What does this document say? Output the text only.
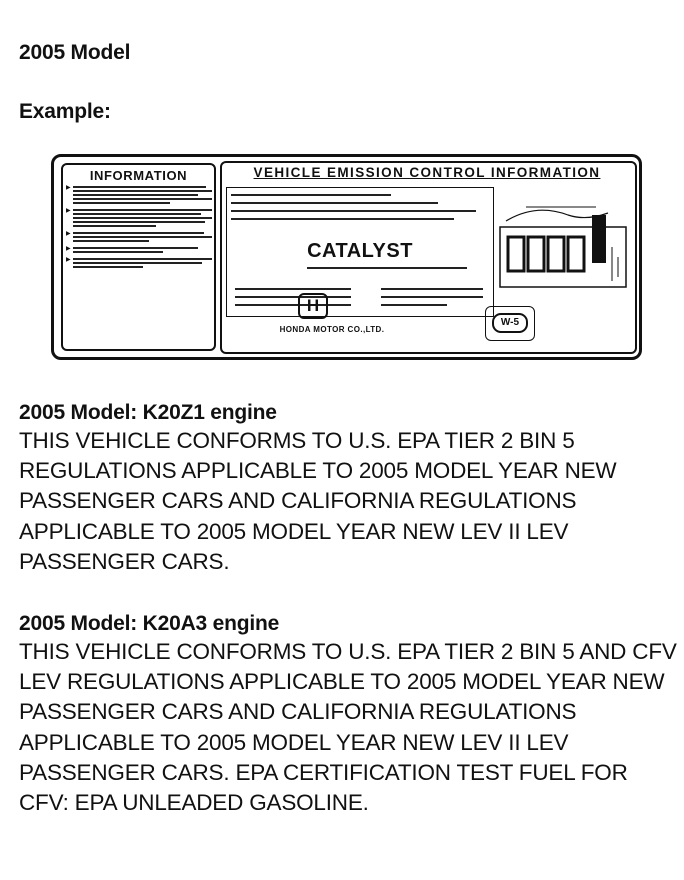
2005 Model
Example:
INFORMATION
▶
▶
▶
▶
▶
VEHICLE EMISSION CONTROL INFORMATION
CATALYST
H
HONDA MOTOR CO.,LTD.
W-5
2005 Model: K20Z1 engine
THIS VEHICLE CONFORMS TO U.S. EPA TIER 2 BIN 5 REGULATIONS APPLICABLE TO 2005 MODEL YEAR NEW PASSENGER CARS AND CALIFORNIA REGULATIONS APPLICABLE TO 2005 MODEL YEAR NEW LEV II LEV PASSENGER CARS.
2005 Model: K20A3 engine
THIS VEHICLE CONFORMS TO U.S. EPA TIER 2 BIN 5 AND CFV LEV REGULATIONS APPLICABLE TO 2005 MODEL YEAR NEW PASSENGER CARS AND CALIFORNIA REGULATIONS APPLICABLE TO 2005 MODEL YEAR NEW LEV II LEV PASSENGER CARS. EPA CERTIFICATION TEST FUEL FOR CFV: EPA UNLEADED GASOLINE.
